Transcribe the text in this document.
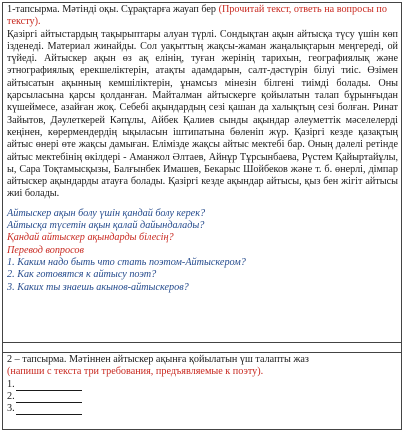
1-тапсырма. Мәтінді оқы. Сұрақтарға жауап бер (Прочитай текст, ответь на вопросы по тексту).

Қазіргі айтыстардың тақырыптары алуан түрлі. Сондықтан ақын айтысқа түсу үшін көп ізденеді. Материал жинайды. Сол уақыттың жақсы-жаман жаңалықтарын меңгереді, ой түйеді. Айтыскер ақын өз ақ елінің, туған жерінің тарихын, географиялық және этнографиялық ерекшеліктерін, атақты адамдарын, салт-дәстүрін білуі тиіс. Өзімен айтысатын ақынның кемшіліктерін, ұнамсыз мінезін білгені тиімді болады. Оны қарсыласына қарсы қолданған. Майталман айтыскерге қойылатын талап бұрынғыдан күшеймесе, азайған жоқ. Себебі ақындардың сезі қашан да халықтың сезі болған. Ринат Зайытов, Дәулеткерей Кәпұлы, Айбек Қалиев сынды ақындар әлеуметтік мәселелерді кеңінен, көрермендердің ықыласын іштипатына бөленіп жүр. Қазіргі кезде қазақтың айтыс өнері өте жақсы дамыған. Елімізде жақсы айтыс мектебі бар. Оның дәлелі ретінде айтыс мектебінің өкілдері - Аманжол Әлтаев, Айнұр Тұрсынбаева, Рүстем Қайыртайұлы, ы, Сара Тоқтамысқызы, Балғынбек Имашев, Бекарыс Шойбеков және т. б. өнерлі, дімпар айтыскер ақындарды атауға болады. Қазіргі кезде ақындар айтысы, қыз бен жігіт айтысы жиі болады.

Айтыскер ақын болу үшін қандай болу керек?

Айтысқа түсетін ақын қалай дайындалады?

Қандай айтыскер ақындарды білесің?

Перевод вопросов

1. Каким надо быть что стать поэтом-Айтыскером?

2. Как готовятся к айтысу поэт?

3. Каких ты знаешь акынов-айтыскеров?

2 – тапсырма. Мәтіннен айтыскер ақынға қойылатын үш талапты жаз

(напиши с текста три требования, предъявляемые к поэту).

1.
2.
3.
